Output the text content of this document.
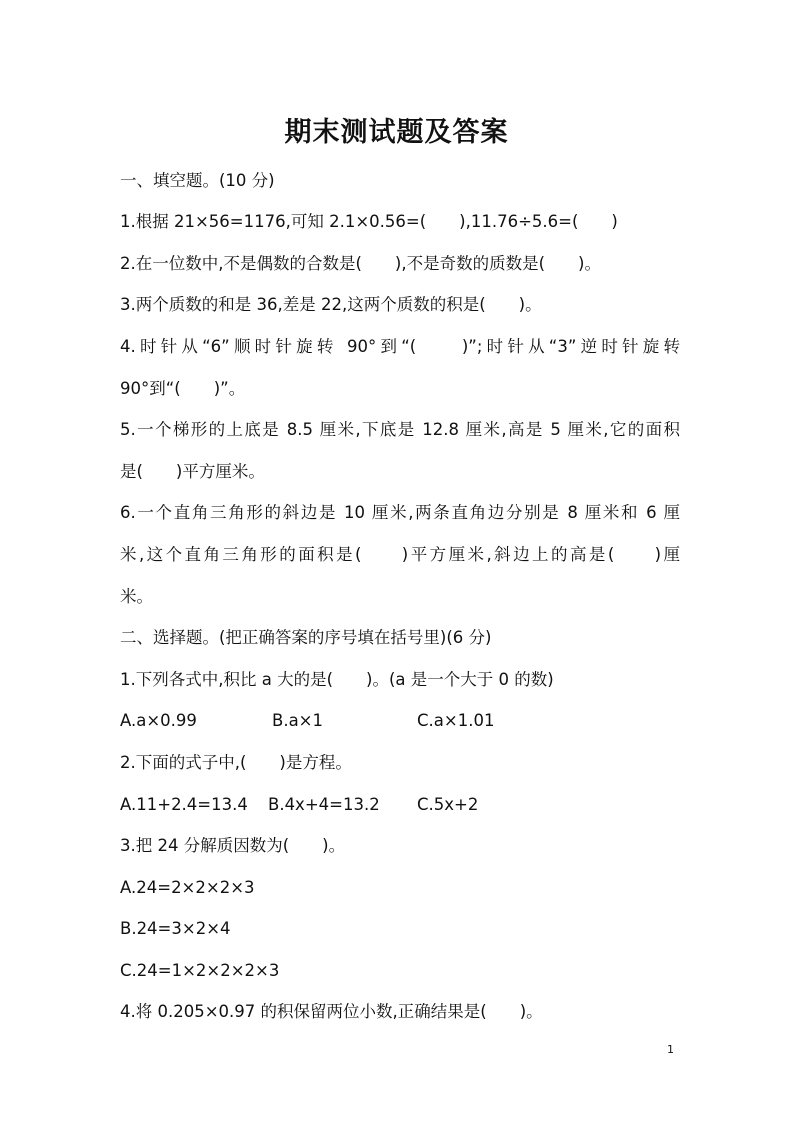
期末测试题及答案
一、填空题。(10 分)
1.根据 21×56=1176,可知 2.1×0.56=(　　),11.76÷5.6=(　　)
2.在一位数中,不是偶数的合数是(　　),不是奇数的质数是(　　)。
3.两个质数的和是 36,差是 22,这两个质数的积是(　　)。
4.时针从“6”顺时针旋转 90°到“(　　)”;时针从“3”逆时针旋转
90°到“(　　)”。
5.一个梯形的上底是 8.5 厘米,下底是 12.8 厘米,高是 5 厘米,它的面积
是(　　)平方厘米。
6.一个直角三角形的斜边是 10 厘米,两条直角边分别是 8 厘米和 6 厘
米,这个直角三角形的面积是(　　)平方厘米,斜边上的高是(　　)厘
米。
二、选择题。(把正确答案的序号填在括号里)(6 分)
1.下列各式中,积比 a 大的是(　　)。(a 是一个大于 0 的数)
A.a×0.99	B.a×1	C.a×1.01
2.下面的式子中,(　　)是方程。
A.11+2.4=13.4 B.4x+4=13.2 C.5x+2
3.把 24 分解质因数为(　　)。
A.24=2×2×2×3
B.24=3×2×4
C.24=1×2×2×2×3
4.将 0.205×0.97 的积保留两位小数,正确结果是(　　)。
1
